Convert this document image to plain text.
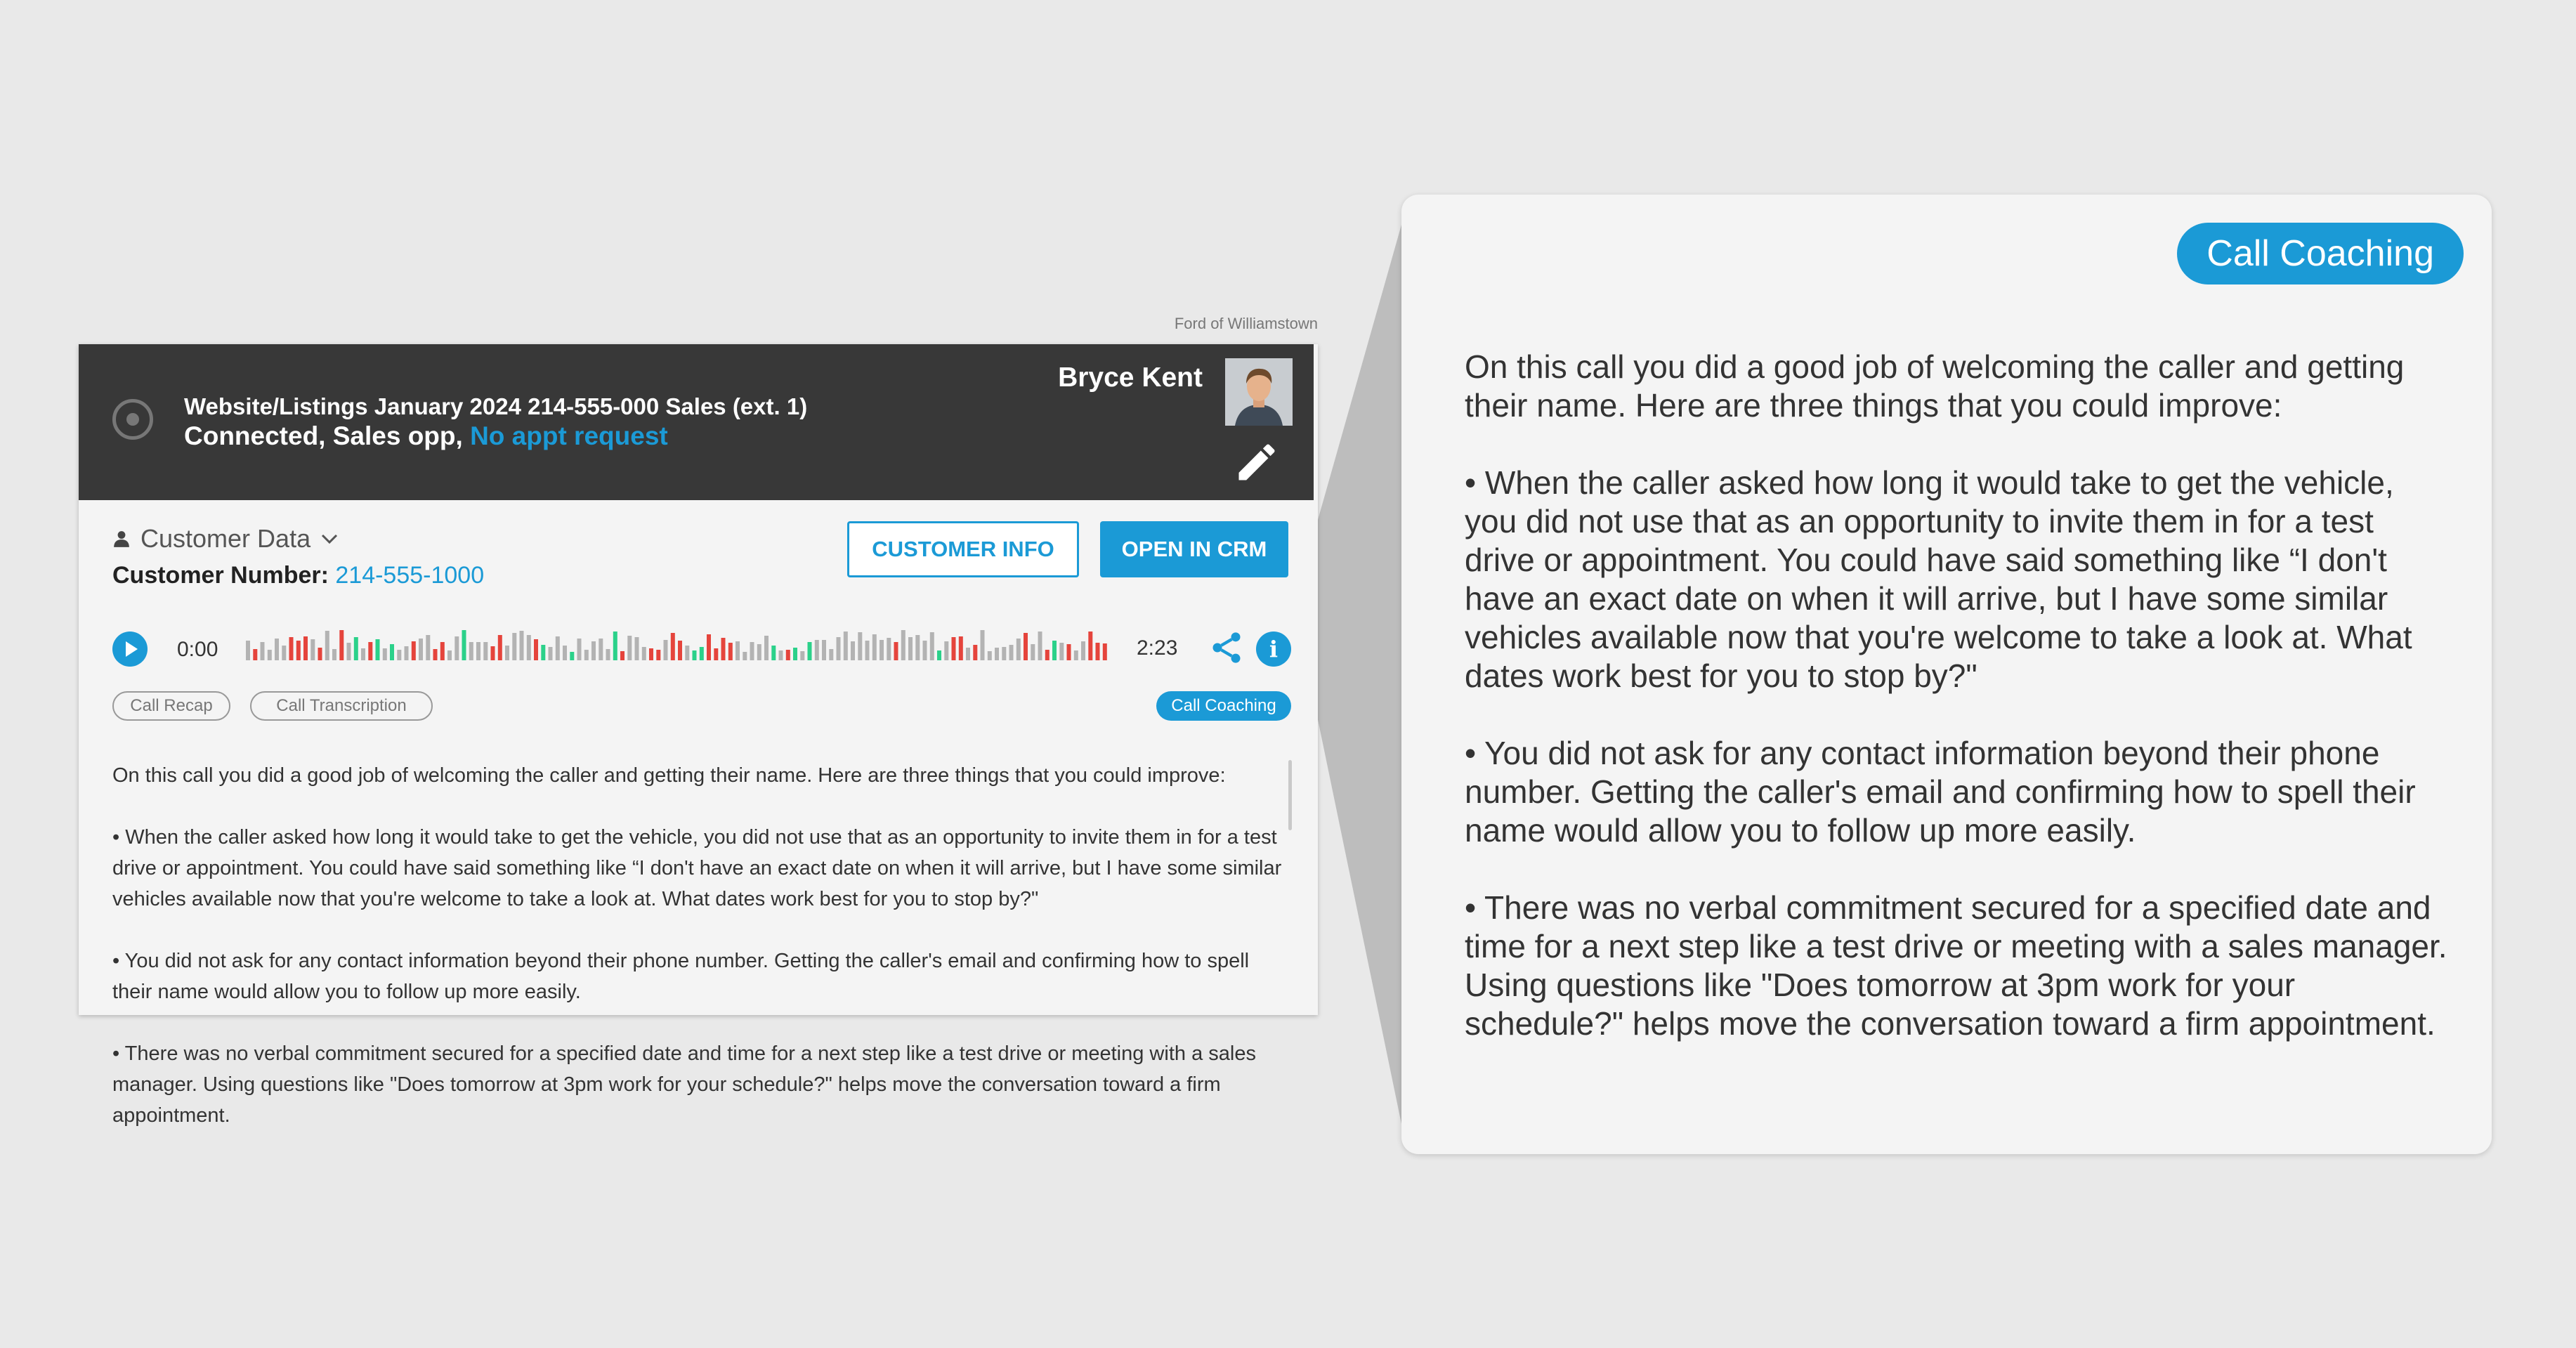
Ford of Williamstown
Website/Listings January 2024 214-555-000 Sales (ext. 1)
Connected, Sales opp, No appt request
Bryce Kent
Customer Data
Customer Number: 214-555-1000
CUSTOMER INFO	OPEN IN CRM
0:00	2:23	i
Call Recap	Call Transcription	Call Coaching

On this call you did a good job of welcoming the caller and getting their name. Here are three things that you could improve:

• When the caller asked how long it would take to get the vehicle, you did not use that as an opportunity to invite them in for a test drive or appointment. You could have said something like “I don't have an exact date on when it will arrive, but I have some similar vehicles available now that you're welcome to take a look at. What dates work best for you to stop by?"

• You did not ask for any contact information beyond their phone number. Getting the caller's email and confirming how to spell their name would allow you to follow up more easily.

• There was no verbal commitment secured for a specified date and time for a next step like a test drive or meeting with a sales manager. Using questions like "Does tomorrow at 3pm work for your schedule?" helps move the conversation toward a firm appointment.

Call Coaching

On this call you did a good job of welcoming the caller and getting their name. Here are three things that you could improve:

• When the caller asked how long it would take to get the vehicle, you did not use that as an opportunity to invite them in for a test drive or appointment. You could have said something like “I don't have an exact date on when it will arrive, but I have some similar vehicles available now that you're welcome to take a look at. What dates work best for you to stop by?"

• You did not ask for any contact information beyond their phone number. Getting the caller's email and confirming how to spell their name would allow you to follow up more easily.

• There was no verbal commitment secured for a specified date and time for a next step like a test drive or meeting with a sales manager. Using questions like "Does tomorrow at 3pm work for your schedule?" helps move the conversation toward a firm appointment.
